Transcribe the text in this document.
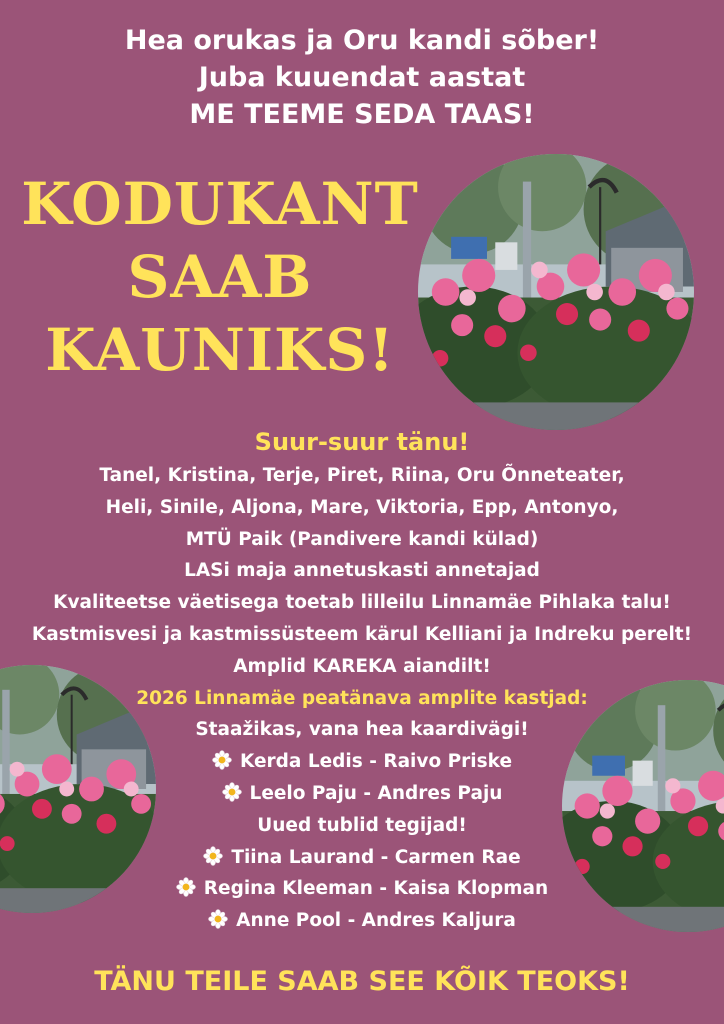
Hea orukas ja Oru kandi sõber!
Juba kuuendat aastat
ME TEEME SEDA TAAS!
KODUKANT
SAAB
KAUNIKS!
Suur-suur tänu!
Tanel, Kristina, Terje, Piret, Riina, Oru Õnneteater,
Heli, Sinile, Aljona, Mare, Viktoria, Epp, Antonyo,
MTÜ Paik (Pandivere kandi külad)
LASi maja annetuskasti annetajad
Kvaliteetse väetisega toetab lilleilu Linnamäe Pihlaka talu!
Kastmisvesi ja kastmissüsteem kärul Kelliani ja Indreku perelt!
Amplid KAREKA aiandilt!
2026 Linnamäe peatänava amplite kastjad:
Staažikas, vana hea kaardivägi!
Kerda Ledis - Raivo Priske
Leelo Paju - Andres Paju
Uued tublid tegijad!
Tiina Laurand - Carmen Rae
Regina Kleeman - Kaisa Klopman
Anne Pool - Andres Kaljura
TÄNU TEILE SAAB SEE KÕIK TEOKS!
